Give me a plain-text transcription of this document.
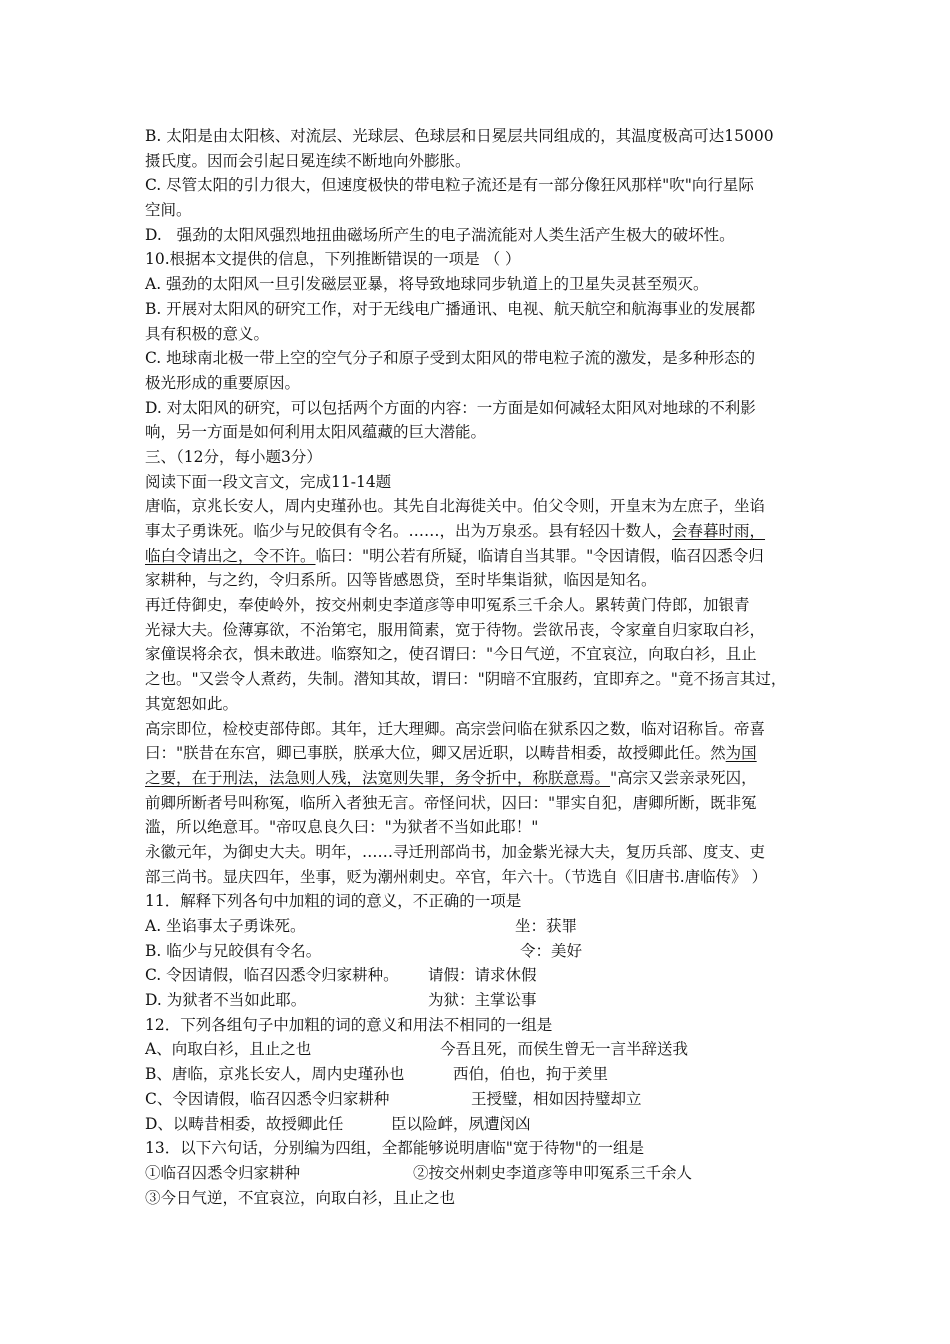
B. 太阳是由太阳核、对流层、光球层、色球层和日冕层共同组成的，其温度极高可达15000
摄氏度。因而会引起日冕连续不断地向外膨胀。
C. 尽管太阳的引力很大，但速度极快的带电粒子流还是有一部分像狂风那样"吹"向行星际
空间。
D.   强劲的太阳风强烈地扭曲磁场所产生的电子湍流能对人类生活产生极大的破坏性。
10.根据本文提供的信息，下列推断错误的一项是 （ ）
A. 强劲的太阳风一旦引发磁层亚暴，将导致地球同步轨道上的卫星失灵甚至殒灭。
B. 开展对太阳风的研究工作，对于无线电广播通讯、电视、航天航空和航海事业的发展都
具有积极的意义。
C. 地球南北极一带上空的空气分子和原子受到太阳风的带电粒子流的激发，是多种形态的
极光形成的重要原因。
D. 对太阳风的研究，可以包括两个方面的内容：一方面是如何减轻太阳风对地球的不利影
响，另一方面是如何利用太阳风蕴藏的巨大潜能。
三、（12分，每小题3分）
阅读下面一段文言文，完成11-14题
唐临，京兆长安人，周内史瑾孙也。其先自北海徙关中。伯父令则，开皇末为左庶子，坐谄
事太子勇诛死。临少与兄皎俱有令名。……，出为万泉丞。县有轻囚十数人，会春暮时雨，
临白令请出之，令不许。临曰："明公若有所疑，临请自当其罪。"令因请假，临召囚悉令归
家耕种，与之约，令归系所。囚等皆感恩贷，至时毕集诣狱，临因是知名。
再迁侍御史，奉使岭外，按交州刺史李道彦等申叩冤系三千余人。累转黄门侍郎，加银青
光禄大夫。俭薄寡欲，不治第宅，服用简素，宽于待物。尝欲吊丧，令家童自归家取白衫，
家僮误将余衣，惧未敢进。临察知之，使召谓曰："今日气逆，不宜哀泣，向取白衫，且止
之也。"又尝令人煮药，失制。潜知其故，谓曰："阴暗不宜服药，宜即弃之。"竟不扬言其过，
其宽恕如此。
高宗即位，检校吏部侍郎。其年，迁大理卿。高宗尝问临在狱系囚之数，临对诏称旨。帝喜
曰："朕昔在东宫，卿已事朕，朕承大位，卿又居近职，以畴昔相委，故授卿此任。然为国
之要，在于刑法，法急则人残，法宽则失罪，务令折中，称朕意焉。"高宗又尝亲录死囚，
前卿所断者号叫称冤，临所入者独无言。帝怪问状，囚曰："罪实自犯，唐卿所断，既非冤
滥，所以绝意耳。"帝叹息良久曰："为狱者不当如此耶！"
永徽元年，为御史大夫。明年，……寻迁刑部尚书，加金紫光禄大夫，复历兵部、度支、吏
部三尚书。显庆四年，坐事，贬为潮州刺史。卒官，年六十。（节选自《旧唐书.唐临传》 ）
11．解释下列各句中加粗的词的意义，不正确的一项是
A. 坐谄事太子勇诛死。	坐：获罪
B. 临少与兄皎俱有令名。	令：美好
C. 令因请假，临召囚悉令归家耕种。 请假：请求休假
D. 为狱者不当如此耶。	为狱：主掌讼事
12．下列各组句子中加粗的词的意义和用法不相同的一组是
A、向取白衫，且止之也	今吾且死，而侯生曾无一言半辞送我
B、唐临，京兆长安人，周内史瑾孙也	西伯，伯也，拘于羑里
C、令因请假，临召囚悉令归家耕种	王授璧，相如因持璧却立
D、以畴昔相委，故授卿此任	臣以险衅，夙遭闵凶
13．以下六句话，分别编为四组，全都能够说明唐临"宽于待物"的一组是
①临召囚悉令归家耕种	②按交州刺史李道彦等申叩冤系三千余人
③今日气逆，不宜哀泣，向取白衫，且止之也
